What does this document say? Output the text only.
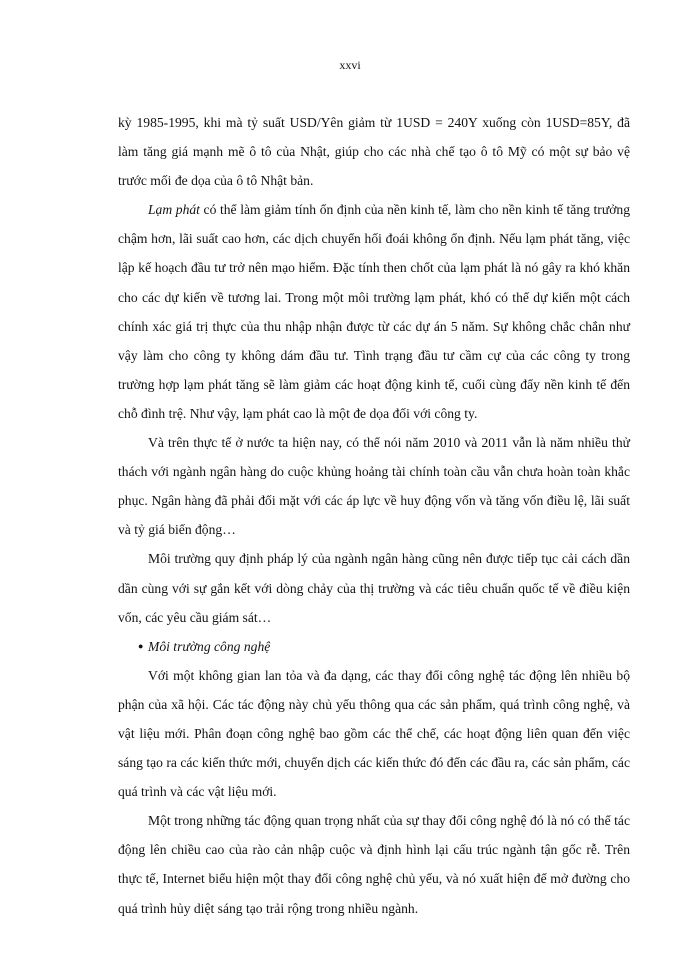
xxvi

kỳ 1985-1995, khi mà tỷ suất USD/Yên giảm từ 1USD = 240Y xuống còn 1USD=85Y, đã làm tăng giá mạnh mẽ ô tô của Nhật, giúp cho các nhà chế tạo ô tô Mỹ có một sự bảo vệ trước mối đe dọa của ô tô Nhật bản.

Lạm phát có thể làm giảm tính ổn định của nền kinh tế, làm cho nền kinh tế tăng trưởng chậm hơn, lãi suất cao hơn, các dịch chuyển hối đoái không ổn định. Nếu lạm phát tăng, việc lập kế hoạch đầu tư trở nên mạo hiểm. Đặc tính then chốt của lạm phát là nó gây ra khó khăn cho các dự kiến về tương lai. Trong một môi trường lạm phát, khó có thể dự kiến một cách chính xác giá trị thực của thu nhập nhận được từ các dự án 5 năm. Sự không chắc chắn như vậy làm cho công ty không dám đầu tư. Tình trạng đầu tư cầm cự của các công ty trong trường hợp lạm phát tăng sẽ làm giảm các hoạt động kinh tế, cuối cùng đẩy nền kinh tế đến chỗ đình trệ. Như vậy, lạm phát cao là một đe dọa đối với công ty.

Và trên thực tế ở nước ta hiện nay, có thể nói năm 2010 và 2011 vẫn là năm nhiều thử thách với ngành ngân hàng do cuộc khủng hoảng tài chính toàn cầu vẫn chưa hoàn toàn khắc phục. Ngân hàng đã phải đối mặt với các áp lực về huy động vốn và tăng vốn điều lệ, lãi suất và tỷ giá biến động…

Môi trường quy định pháp lý của ngành ngân hàng cũng nên được tiếp tục cải cách dần dần cùng với sự gắn kết với dòng chảy của thị trường và các tiêu chuẩn quốc tế về điều kiện vốn, các yêu cầu giám sát…

● Môi trường công nghệ

Với một không gian lan tỏa và đa dạng, các thay đổi công nghệ tác động lên nhiều bộ phận của xã hội. Các tác động này chủ yếu thông qua các sản phẩm, quá trình công nghệ, và vật liệu mới. Phân đoạn công nghệ bao gồm các thể chế, các hoạt động liên quan đến việc sáng tạo ra các kiến thức mới, chuyển dịch các kiến thức đó đến các đầu ra, các sản phẩm, các quá trình và các vật liệu mới.

Một trong những tác động quan trọng nhất của sự thay đổi công nghệ đó là nó có thể tác động lên chiều cao của rào cản nhập cuộc và định hình lại cấu trúc ngành tận gốc rễ. Trên thực tế, Internet biểu hiện một thay đổi công nghệ chủ yếu, và nó xuất hiện để mở đường cho quá trình hủy diệt sáng tạo trải rộng trong nhiều ngành.
